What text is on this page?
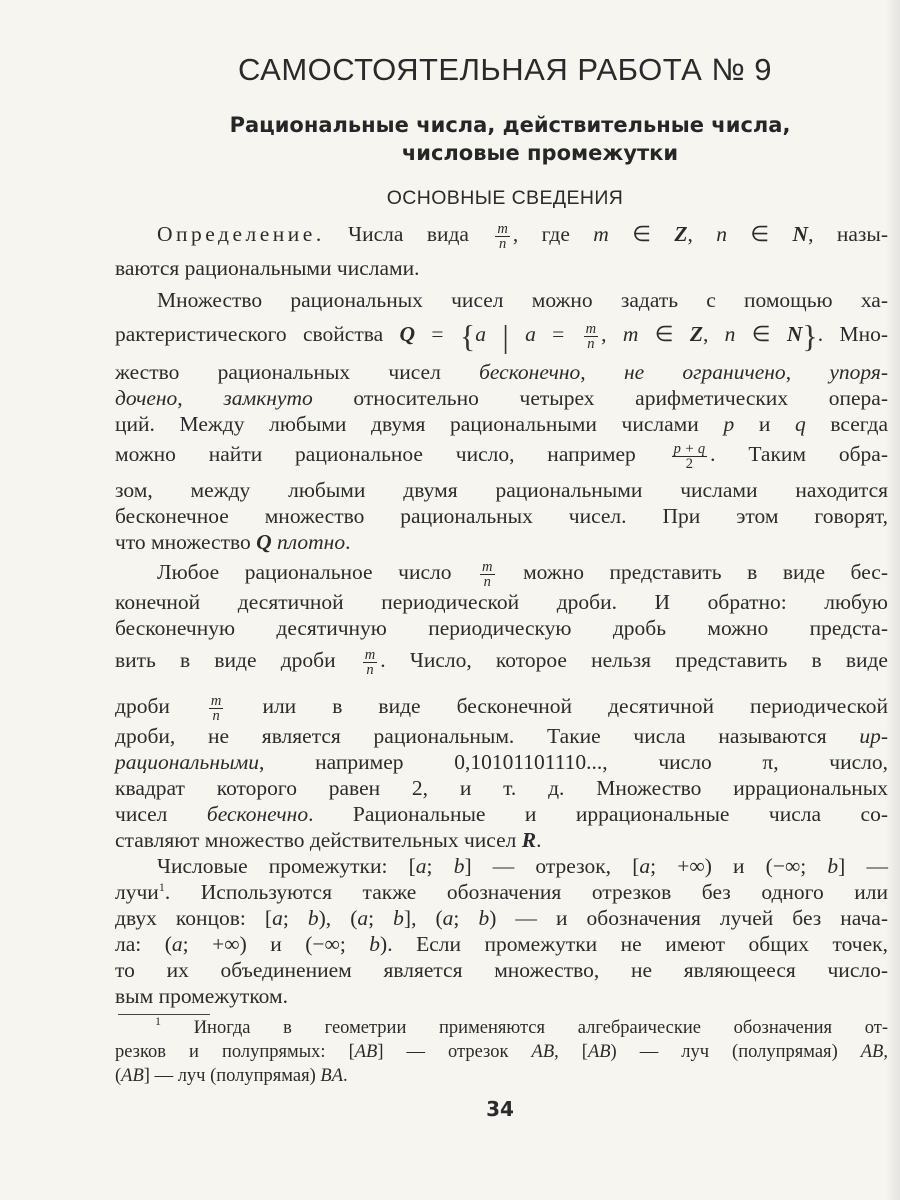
САМОСТОЯТЕЛЬНАЯ РАБОТА № 9
Рациональные числа, действительные числа,
числовые промежутки
ОСНОВНЫЕ СВЕДЕНИЯ
Определение. Числа вида $\frac{m}{n}$ , где m ∈ Z, n ∈ N, назы-
ваются рациональными числами.
Множество рациональных чисел можно задать с помощью ха-
рактеристического свойства Q = {a | $a = \frac{m}{n}$ , m ∈ Z, n ∈ N}. Мно-
жество рациональных чисел бесконечно, не ограничено, упоря-
дочено, замкнуто относительно четырех арифметических опера-
ций. Между любыми двумя рациональными числами p и q всегда
можно найти рациональное число, например $\frac{p + q}{2}$ . Таким обра-
зом, между любыми двумя рациональными числами находится
бесконечное множество рациональных чисел. При этом говорят,
что множество Q плотно.
Любое рациональное число $\frac{m}{n}$ можно представить в виде бес-
конечной десятичной периодической дроби. И обратно: любую
бесконечную десятичную периодическую дробь можно предста-
вить в виде дроби $\frac{m}{n}$ . Число, которое нельзя представить в виде
дроби $\frac{m}{n}$ или в виде бесконечной десятичной периодической
дроби, не является рациональным. Такие числа называются ир-
рациональными, например 0,10101101110..., число π, число,
квадрат которого равен 2, и т. д. Множество иррациональных
чисел бесконечно. Рациональные и иррациональные числа со-
ставляют множество действительных чисел R.
Числовые промежутки: [a; b] — отрезок, [a; +∞) и (−∞; b] —
лучи$^1$. Используются также обозначения отрезков без одного или
двух концов: [a; b), (a; b], (a; b) — и обозначения лучей без нача-
ла: (a; +∞) и (−∞; b). Если промежутки не имеют общих точек,
то их объединением является множество, не являющееся число-
вым промежутком.
$^1$ Иногда в геометрии применяются алгебраические обозначения от-
резков и полупрямых: [AB] — отрезок AB, [AB) — луч (полупрямая) AB,
(AB] — луч (полупрямая) BA.
34
